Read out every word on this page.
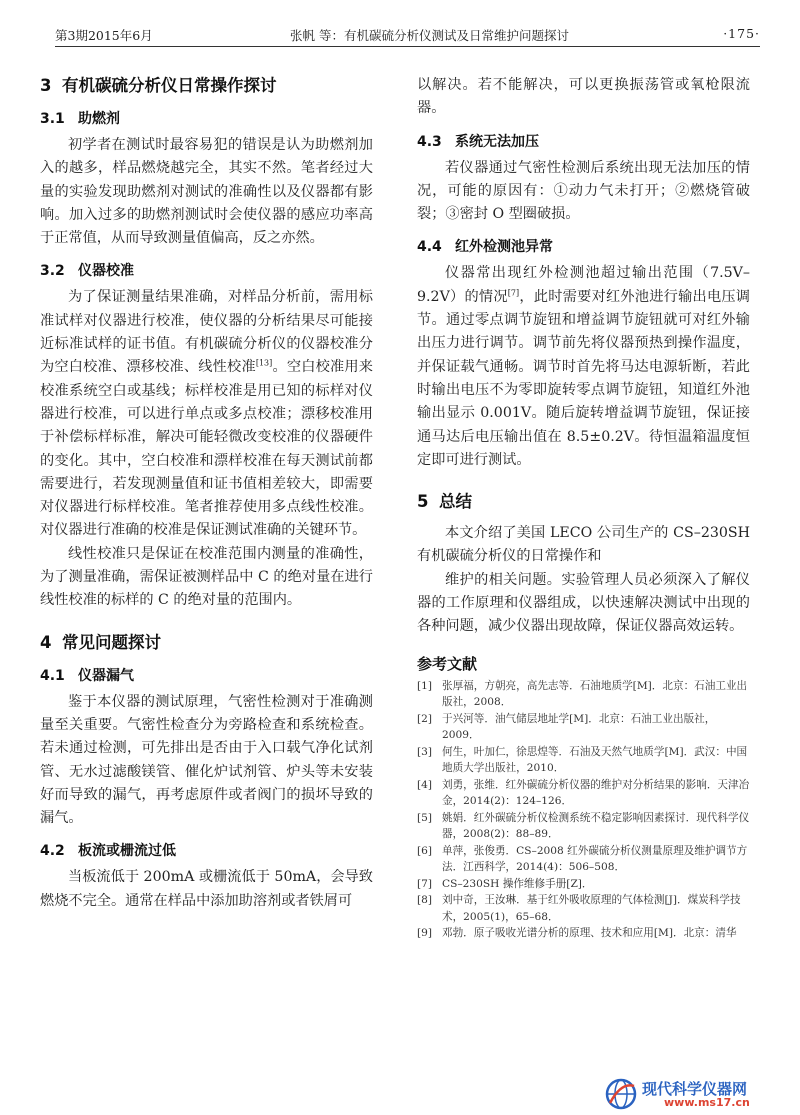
第3期2015年6月	张帆 等：有机碳硫分析仪测试及日常维护问题探讨	·175·
3 有机碳硫分析仪日常操作探讨
3.1 助燃剂

初学者在测试时最容易犯的错误是认为助燃剂加入的越多，样品燃烧越完全，其实不然。笔者经过大量的实验发现助燃剂对测试的准确性以及仪器都有影响。加入过多的助燃剂测试时会使仪器的感应功率高于正常值，从而导致测量值偏高，反之亦然。

3.2 仪器校准

为了保证测量结果准确，对样品分析前，需用标准试样对仪器进行校准，使仪器的分析结果尽可能接近标准试样的证书值。有机碳硫分析仪的仪器校准分为空白校准、漂移校准、线性校准[13]。空白校准用来校准系统空白或基线；标样校准是用已知的标样对仪器进行校准，可以进行单点或多点校准；漂移校准用于补偿标样标准，解决可能轻微改变校准的仪器硬件的变化。其中，空白校准和漂样校准在每天测试前都需要进行，若发现测量值和证书值相差较大，即需要对仪器进行标样校准。笔者推荐使用多点线性校准。对仪器进行准确的校准是保证测试准确的关键环节。

线性校准只是保证在校准范围内测量的准确性，为了测量准确，需保证被测样品中 C 的绝对量在进行线性校准的标样的 C 的绝对量的范围内。

4 常见问题探讨
4.1 仪器漏气

鉴于本仪器的测试原理，气密性检测对于准确测量至关重要。气密性检查分为旁路检查和系统检查。若未通过检测，可先排出是否由于入口载气净化试剂管、无水过滤酸镁管、催化炉试剂管、炉头等未安装好而导致的漏气，再考虑原件或者阀门的损坏导致的漏气。

4.2 板流或栅流过低

当板流低于 200mA 或栅流低于 50mA，会导致燃烧不完全。通常在样品中添加助溶剂或者铁屑可

以解决。若不能解决，可以更换振荡管或氧枪限流器。

4.3 系统无法加压

若仪器通过气密性检测后系统出现无法加压的情况，可能的原因有：①动力气未打开；②燃烧管破裂；③密封 O 型圈破损。

4.4 红外检测池异常

仪器常出现红外检测池超过输出范围（7.5V–9.2V）的情况[7]，此时需要对红外池进行输出电压调节。通过零点调节旋钮和增益调节旋钮就可对红外输出压力进行调节。调节前先将仪器预热到操作温度，并保证载气通畅。调节时首先将马达电源斩断，若此时输出电压不为零即旋转零点调节旋钮，知道红外池输出显示 0.001V。随后旋转增益调节旋钮，保证接通马达后电压输出值在 8.5±0.2V。待恒温箱温度恒定即可进行测试。

5 总结

本文介绍了美国 LECO 公司生产的 CS–230SH 有机碳硫分析仪的日常操作和

维护的相关问题。实验管理人员必须深入了解仪器的工作原理和仪器组成，以快速解决测试中出现的各种问题，减少仪器出现故障，保证仪器高效运转。

参考文献
[1] 张厚福，方朝亮，高先志等．石油地质学[M]．北京：石油工业出版社，2008．
[2] 于兴河等．油气储层地址学[M]．北京：石油工业出版社，2009．
[3] 何生，叶加仁，徐思煌等．石油及天然气地质学[M]．武汉：中国地质大学出版社，2010．
[4] 刘勇，张维．红外碳硫分析仪器的维护对分析结果的影响．天津冶金，2014(2)：124–126．
[5] 姚娟．红外碳硫分析仪检测系统不稳定影响因素探讨．现代科学仪器，2008(2)：88–89．
[6] 单萍，张俊勇．CS–2008 红外碳硫分析仪测量原理及维护调节方法．江西科学，2014(4)：506–508．
[7] CS–230SH 操作维修手册[Z]．
[8] 刘中奇，王汝琳．基于红外吸收原理的气体检测[J]．煤炭科学技术，2005(1)，65–68．
[9] 邓勃．原子吸收光谱分析的原理、技术和应用[M]．北京：清华
现代科学仪器网
www.ms17.cn
